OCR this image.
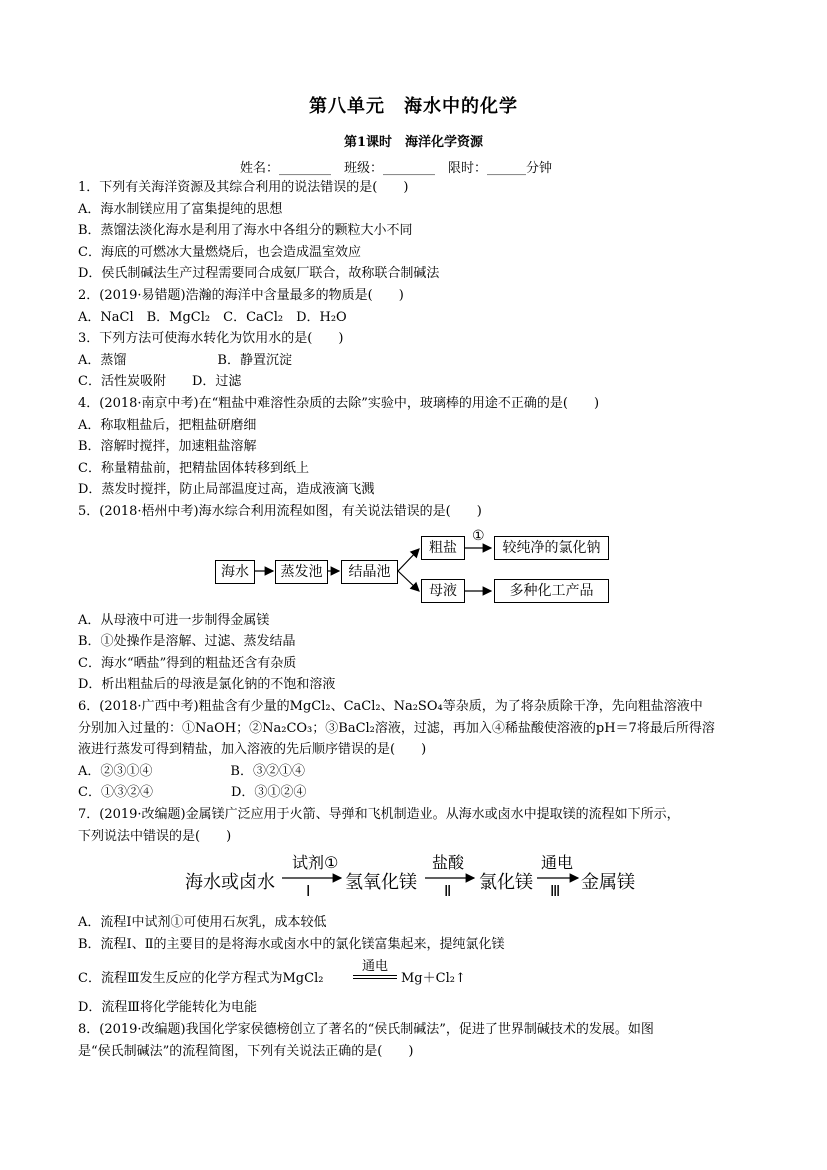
第八单元　海水中的化学
第1课时　海洋化学资源
姓名：________　班级：________　限时：______分钟
1．下列有关海洋资源及其综合利用的说法错误的是(　　)
A．海水制镁应用了富集提纯的思想
B．蒸馏法淡化海水是利用了海水中各组分的颗粒大小不同
C．海底的可燃冰大量燃烧后，也会造成温室效应
D．侯氏制碱法生产过程需要同合成氨厂联合，故称联合制碱法
2．(2019·易错题)浩瀚的海洋中含量最多的物质是(　　)
A．NaCl　B．MgCl₂　C．CaCl₂　D．H₂O
3．下列方法可使海水转化为饮用水的是(　　)
A．蒸馏　　　　　　　B．静置沉淀
C．活性炭吸附　　D．过滤
4．(2018·南京中考)在“粗盐中难溶性杂质的去除”实验中，玻璃棒的用途不正确的是(　　)
A．称取粗盐后，把粗盐研磨细
B．溶解时搅拌，加速粗盐溶解
C．称量精盐前，把精盐固体转移到纸上
D．蒸发时搅拌，防止局部温度过高，造成液滴飞溅
5．(2018·梧州中考)海水综合利用流程如图，有关说法错误的是(　　)
海水	蒸发池	结晶池
粗盐
母液
较纯净的氯化钠
多种化工产品
①
A．从母液中可进一步制得金属镁
B．①处操作是溶解、过滤、蒸发结晶
C．海水“晒盐”得到的粗盐还含有杂质
D．析出粗盐后的母液是氯化钠的不饱和溶液
6．(2018·广西中考)粗盐含有少量的MgCl₂、CaCl₂、Na₂SO₄等杂质，为了将杂质除干净，先向粗盐溶液中
分别加入过量的：①NaOH；②Na₂CO₃；③BaCl₂溶液，过滤，再加入④稀盐酸使溶液的pH＝7将最后所得溶
液进行蒸发可得到精盐，加入溶液的先后顺序错误的是(　　)
A．②③①④　　　　　　B．③②①④
C．①③②④　　　　　　D．③①②④
7．(2019·改编题)金属镁广泛应用于火箭、导弹和飞机制造业。从海水或卤水中提取镁的流程如下所示，
下列说法中错误的是(　　)
海水或卤水
试剂①
Ⅰ 氢氧化镁
盐酸
Ⅱ 氯化镁
通电
Ⅲ 金属镁
A．流程Ⅰ中试剂①可使用石灰乳，成本较低
B．流程Ⅰ、Ⅱ的主要目的是将海水或卤水中的氯化镁富集起来，提纯氯化镁
C．流程Ⅲ发生反应的化学方程式为MgCl₂
通电
Mg＋Cl₂↑
D．流程Ⅲ将化学能转化为电能
8．(2019·改编题)我国化学家侯德榜创立了著名的“侯氏制碱法”，促进了世界制碱技术的发展。如图
是“侯氏制碱法”的流程简图，下列有关说法正确的是(　　)
